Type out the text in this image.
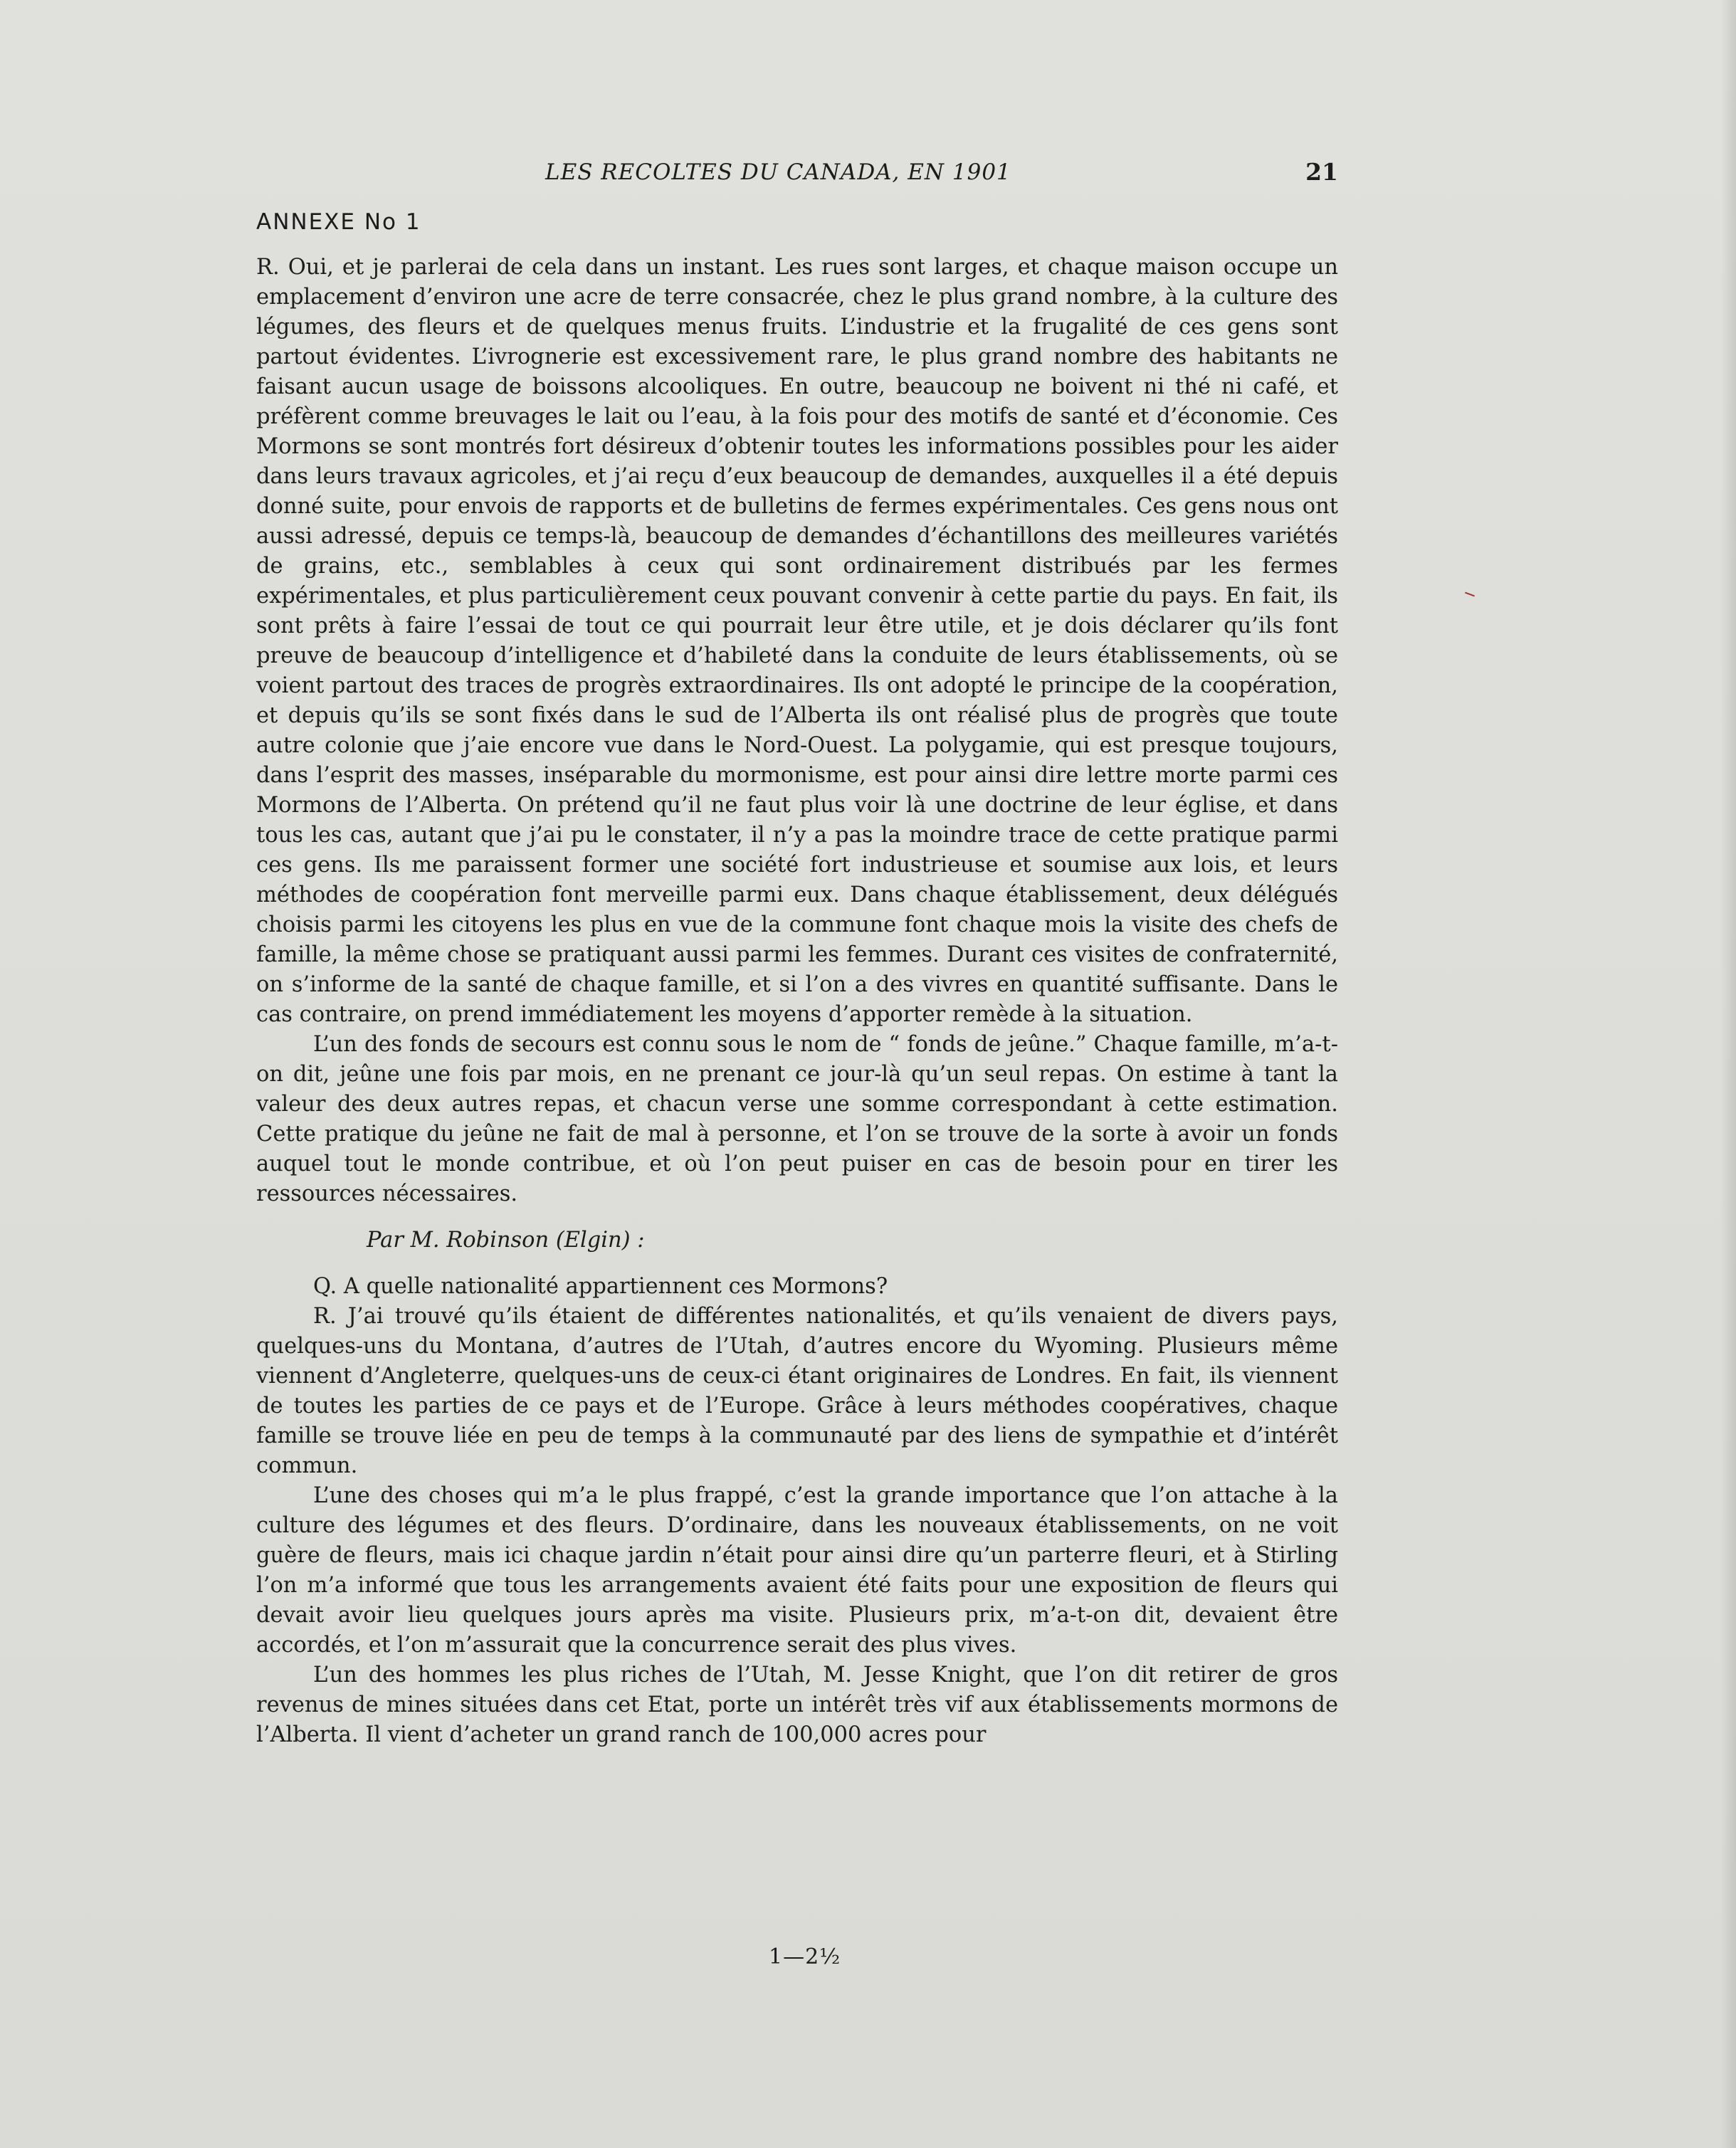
LES RECOLTES DU CANADA, EN 1901	21
ANNEXE No 1

R. Oui, et je parlerai de cela dans un instant. Les rues sont larges, et chaque maison occupe un emplacement d’environ une acre de terre consacrée, chez le plus grand nombre, à la culture des légumes, des fleurs et de quelques menus fruits. L’industrie et la frugalité de ces gens sont partout évidentes. L’ivrognerie est excessivement rare, le plus grand nombre des habitants ne faisant aucun usage de boissons alcooliques. En outre, beaucoup ne boivent ni thé ni café, et préfèrent comme breuvages le lait ou l’eau, à la fois pour des motifs de santé et d’économie. Ces Mormons se sont montrés fort désireux d’obtenir toutes les informations possibles pour les aider dans leurs travaux agricoles, et j’ai reçu d’eux beaucoup de demandes, auxquelles il a été depuis donné suite, pour envois de rapports et de bulletins de fermes expérimentales. Ces gens nous ont aussi adressé, depuis ce temps-là, beaucoup de demandes d’échantillons des meilleures variétés de grains, etc., semblables à ceux qui sont ordinairement distribués par les fermes expérimentales, et plus particulièrement ceux pouvant convenir à cette partie du pays. En fait, ils sont prêts à faire l’essai de tout ce qui pourrait leur être utile, et je dois déclarer qu’ils font preuve de beaucoup d’intelligence et d’habileté dans la conduite de leurs établissements, où se voient partout des traces de progrès extraordinaires. Ils ont adopté le principe de la coopération, et depuis qu’ils se sont fixés dans le sud de l’Alberta ils ont réalisé plus de progrès que toute autre colonie que j’aie encore vue dans le Nord-Ouest. La polygamie, qui est presque toujours, dans l’esprit des masses, inséparable du mormonisme, est pour ainsi dire lettre morte parmi ces Mormons de l’Alberta. On prétend qu’il ne faut plus voir là une doctrine de leur église, et dans tous les cas, autant que j’ai pu le constater, il n’y a pas la moindre trace de cette pratique parmi ces gens. Ils me paraissent former une société fort industrieuse et soumise aux lois, et leurs méthodes de coopération font merveille parmi eux. Dans chaque établissement, deux délégués choisis parmi les citoyens les plus en vue de la commune font chaque mois la visite des chefs de famille, la même chose se pratiquant aussi parmi les femmes. Durant ces visites de confraternité, on s’informe de la santé de chaque famille, et si l’on a des vivres en quantité suffisante. Dans le cas contraire, on prend immédiatement les moyens d’apporter remède à la situation.

L’un des fonds de secours est connu sous le nom de “ fonds de jeûne.” Chaque famille, m’a-t-on dit, jeûne une fois par mois, en ne prenant ce jour-là qu’un seul repas. On estime à tant la valeur des deux autres repas, et chacun verse une somme correspondant à cette estimation. Cette pratique du jeûne ne fait de mal à personne, et l’on se trouve de la sorte à avoir un fonds auquel tout le monde contribue, et où l’on peut puiser en cas de besoin pour en tirer les ressources nécessaires.

Par M. Robinson (Elgin) :

Q. A quelle nationalité appartiennent ces Mormons?

R. J’ai trouvé qu’ils étaient de différentes nationalités, et qu’ils venaient de divers pays, quelques-uns du Montana, d’autres de l’Utah, d’autres encore du Wyoming. Plusieurs même viennent d’Angleterre, quelques-uns de ceux-ci étant originaires de Londres. En fait, ils viennent de toutes les parties de ce pays et de l’Europe. Grâce à leurs méthodes coopératives, chaque famille se trouve liée en peu de temps à la communauté par des liens de sympathie et d’intérêt commun.

L’une des choses qui m’a le plus frappé, c’est la grande importance que l’on attache à la culture des légumes et des fleurs. D’ordinaire, dans les nouveaux établissements, on ne voit guère de fleurs, mais ici chaque jardin n’était pour ainsi dire qu’un parterre fleuri, et à Stirling l’on m’a informé que tous les arrangements avaient été faits pour une exposition de fleurs qui devait avoir lieu quelques jours après ma visite. Plusieurs prix, m’a-t-on dit, devaient être accordés, et l’on m’assurait que la concurrence serait des plus vives.

L’un des hommes les plus riches de l’Utah, M. Jesse Knight, que l’on dit retirer de gros revenus de mines situées dans cet Etat, porte un intérêt très vif aux établissements mormons de l’Alberta. Il vient d’acheter un grand ranch de 100,000 acres pour

1—2½
